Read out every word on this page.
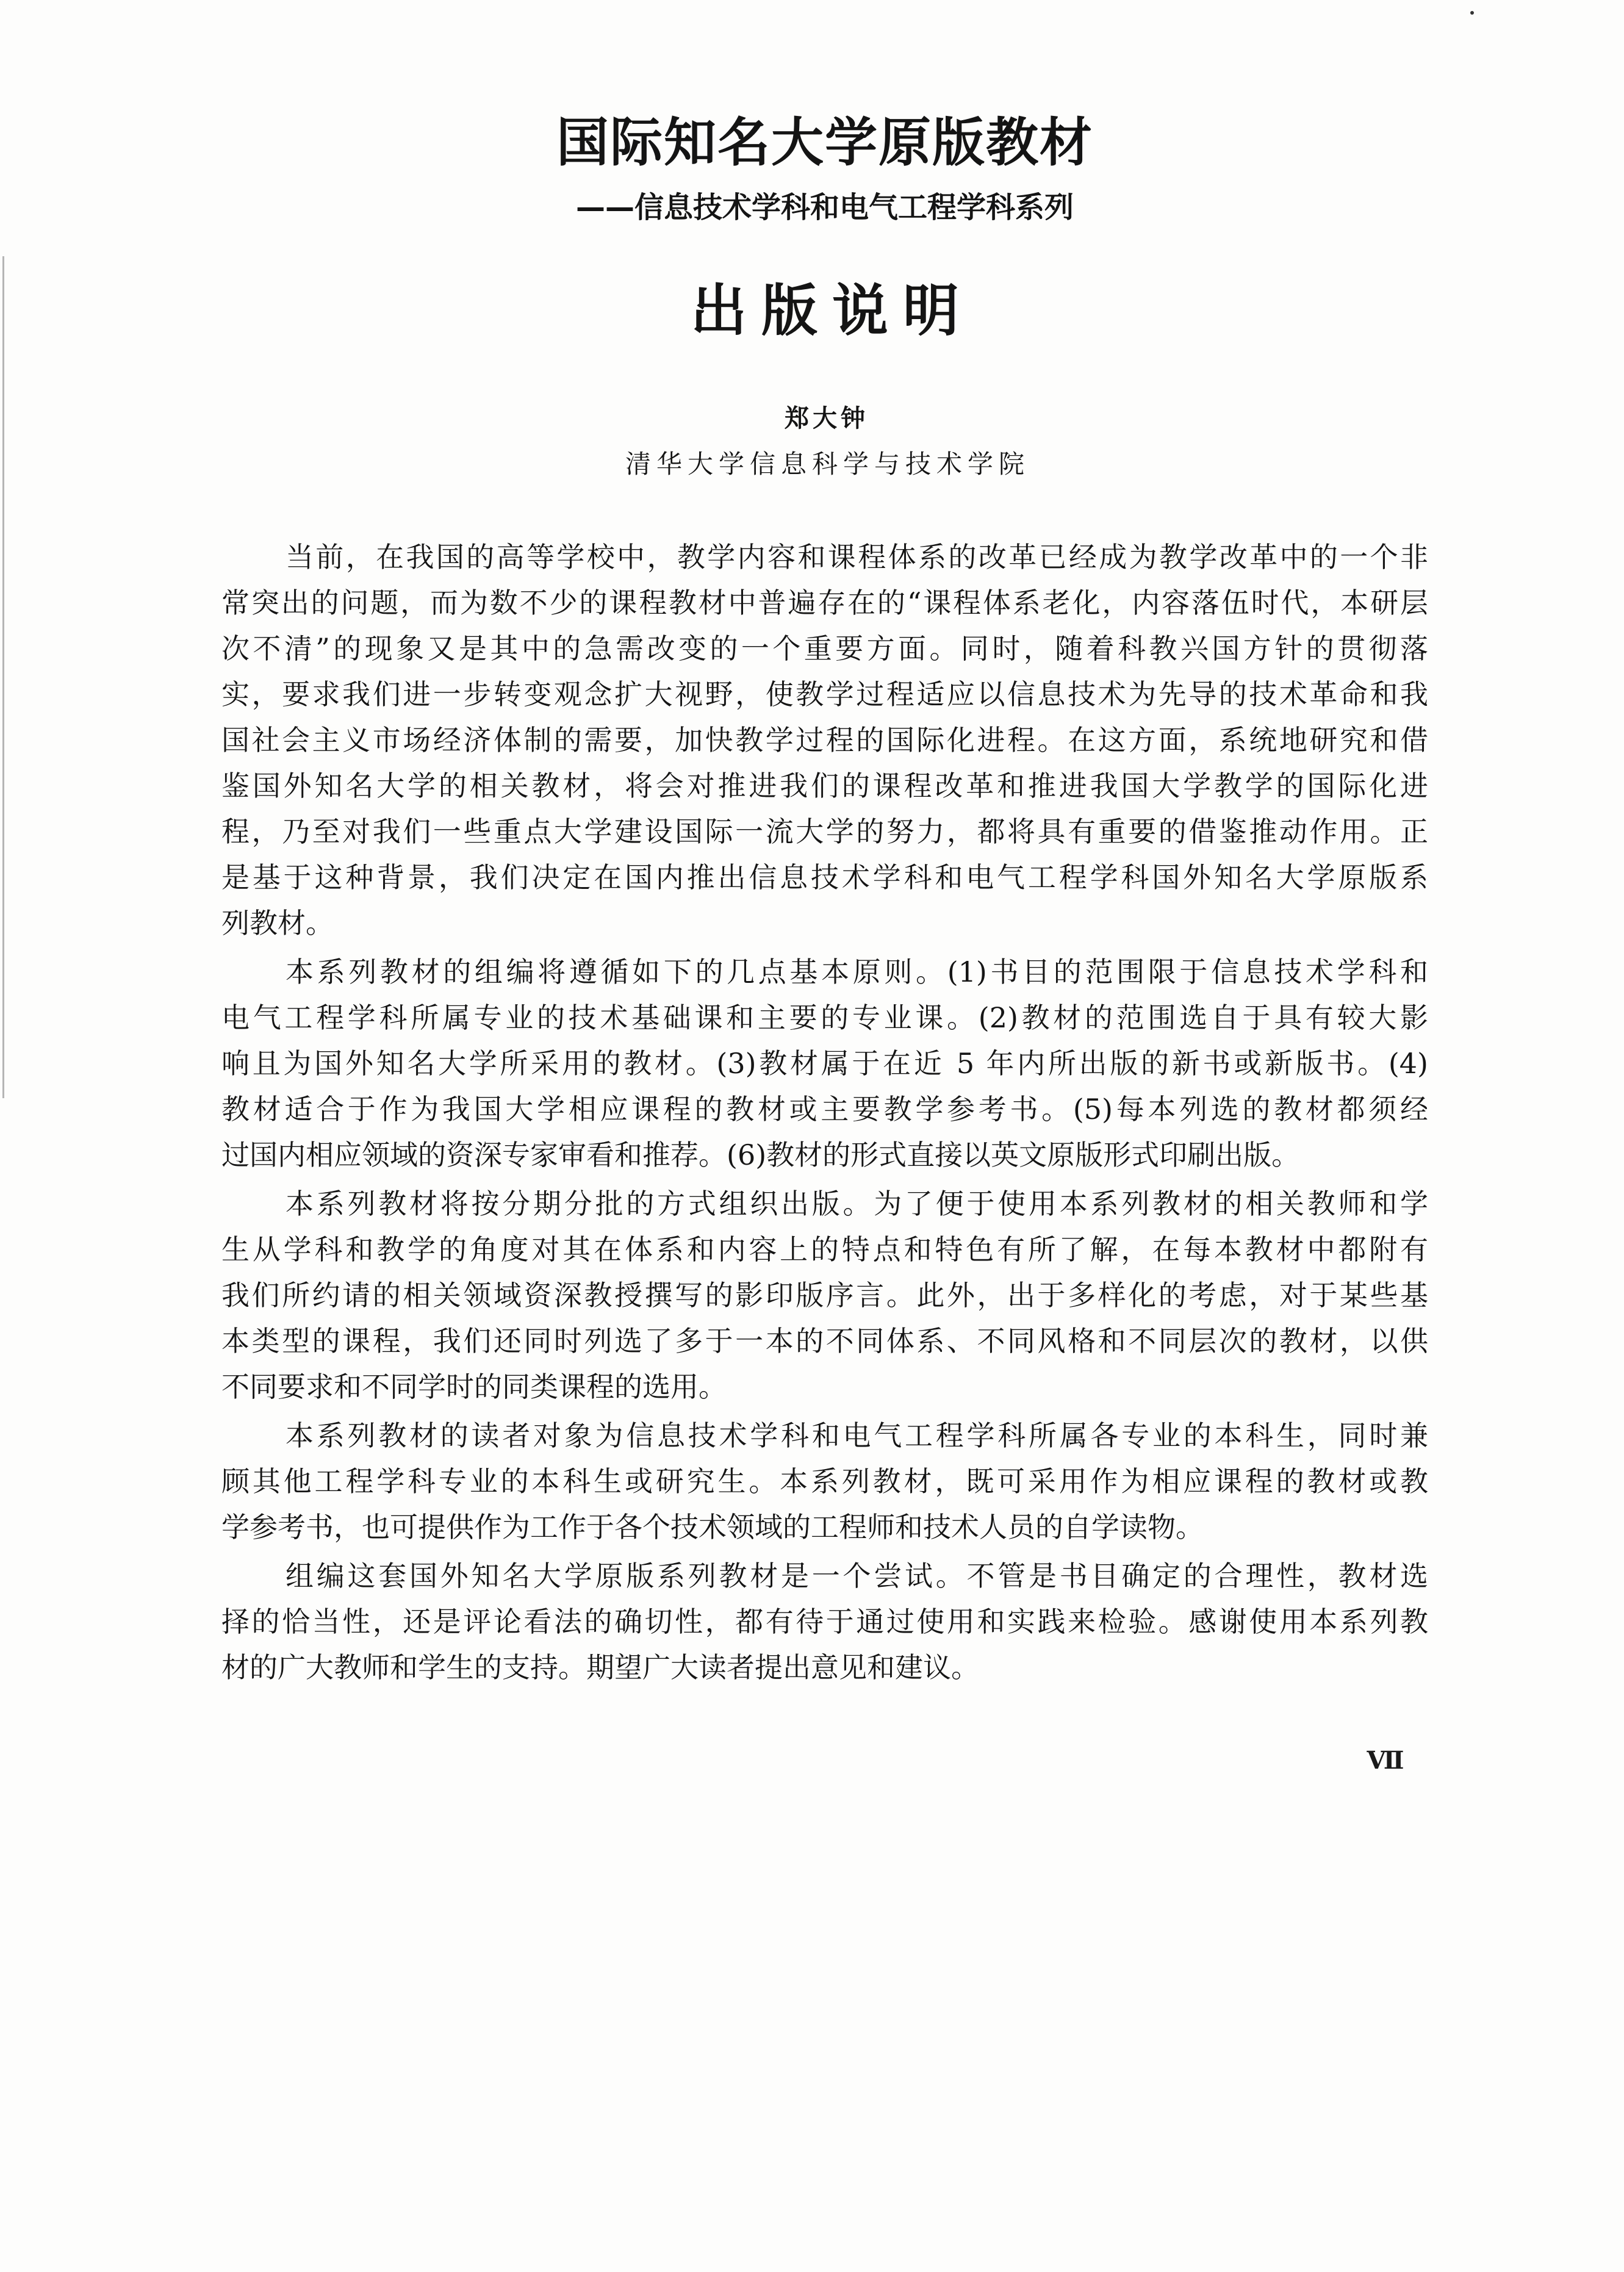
国际知名大学原版教材
——信息技术学科和电气工程学科系列
出版说明
郑大钟
清华大学信息科学与技术学院
当前，在我国的高等学校中，教学内容和课程体系的改革已经成为教学改革中的一个非
常突出的问题，而为数不少的课程教材中普遍存在的“课程体系老化，内容落伍时代，本研层
次不清”的现象又是其中的急需改变的一个重要方面。同时，随着科教兴国方针的贯彻落
实，要求我们进一步转变观念扩大视野，使教学过程适应以信息技术为先导的技术革命和我
国社会主义市场经济体制的需要，加快教学过程的国际化进程。在这方面，系统地研究和借
鉴国外知名大学的相关教材，将会对推进我们的课程改革和推进我国大学教学的国际化进
程，乃至对我们一些重点大学建设国际一流大学的努力，都将具有重要的借鉴推动作用。正
是基于这种背景，我们决定在国内推出信息技术学科和电气工程学科国外知名大学原版系
列教材。
本系列教材的组编将遵循如下的几点基本原则。(1)书目的范围限于信息技术学科和
电气工程学科所属专业的技术基础课和主要的专业课。(2)教材的范围选自于具有较大影
响且为国外知名大学所采用的教材。(3)教材属于在近 5 年内所出版的新书或新版书。(4)
教材适合于作为我国大学相应课程的教材或主要教学参考书。(5)每本列选的教材都须经
过国内相应领域的资深专家审看和推荐。(6)教材的形式直接以英文原版形式印刷出版。
本系列教材将按分期分批的方式组织出版。为了便于使用本系列教材的相关教师和学
生从学科和教学的角度对其在体系和内容上的特点和特色有所了解，在每本教材中都附有
我们所约请的相关领域资深教授撰写的影印版序言。此外，出于多样化的考虑，对于某些基
本类型的课程，我们还同时列选了多于一本的不同体系、不同风格和不同层次的教材，以供
不同要求和不同学时的同类课程的选用。
本系列教材的读者对象为信息技术学科和电气工程学科所属各专业的本科生，同时兼
顾其他工程学科专业的本科生或研究生。本系列教材，既可采用作为相应课程的教材或教
学参考书，也可提供作为工作于各个技术领域的工程师和技术人员的自学读物。
组编这套国外知名大学原版系列教材是一个尝试。不管是书目确定的合理性，教材选
择的恰当性，还是评论看法的确切性，都有待于通过使用和实践来检验。感谢使用本系列教
材的广大教师和学生的支持。期望广大读者提出意见和建议。
Ⅶ
